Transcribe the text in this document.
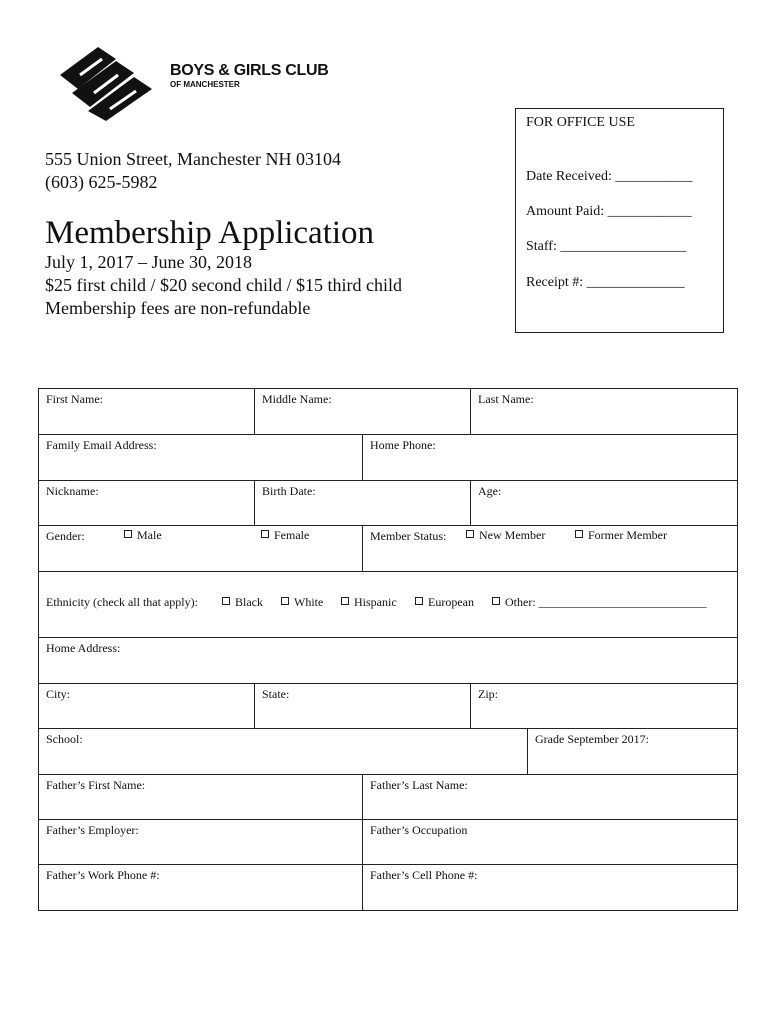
BOYS & GIRLS CLUB
OF MANCHESTER
555 Union Street, Manchester NH 03104
(603) 625-5982
Membership Application
July 1, 2017 – June 30, 2018
$25 first child / $20 second child / $15 third child
Membership fees are non-refundable
FOR OFFICE USE
Date Received: ___________
Amount Paid: ____________
Staff: __________________
Receipt #: ______________
First Name:	Middle Name:	Last Name:
Family Email Address:	Home Phone:
Nickname:	Birth Date:	Age:
Gender:	Male	Female	Member Status:	New Member	Former Member
Ethnicity (check all that apply):	Black	White	Hispanic	European	Other: ____________________________
Home Address:
City:	State:	Zip:
School:	Grade September 2017:
Father’s First Name:	Father’s Last Name:
Father’s Employer:	Father’s Occupation
Father’s Work Phone #:	Father’s Cell Phone #:
